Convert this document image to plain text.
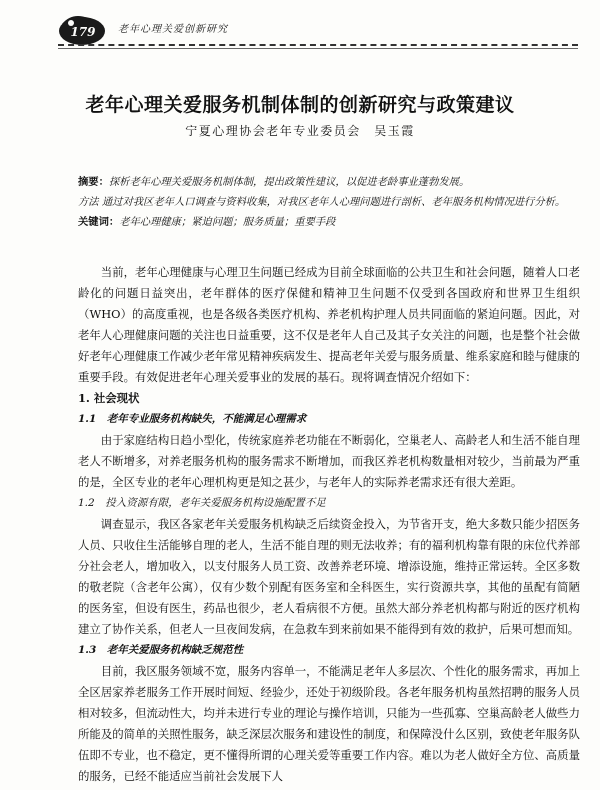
179 老年心理关爱创新研究
老年心理关爱服务机制体制的创新研究与政策建议
宁夏心理协会老年专业委员会　吴玉霞

摘要：探析老年心理关爱服务机制体制，提出政策性建议，以促进老龄事业蓬勃发展。

方法 通过对我区老年人口调查与资料收集，对我区老年人心理问题进行剖析、老年服务机构情况进行分析。

关键词：老年心理健康；紧迫问题；服务质量；重要手段

当前，老年心理健康与心理卫生问题已经成为目前全球面临的公共卫生和社会问题，随着人口老龄化的问题日益突出，老年群体的医疗保健和精神卫生问题不仅受到各国政府和世界卫生组织（WHO）的高度重视，也是各级各类医疗机构、养老机构护理人员共同面临的紧迫问题。因此，对老年人心理健康问题的关注也日益重要，这不仅是老年人自己及其子女关注的问题，也是整个社会做好老年心理健康工作减少老年常见精神疾病发生、提高老年关爱与服务质量、维系家庭和睦与健康的重要手段。有效促进老年心理关爱事业的发展的基石。现将调查情况介绍如下：

1. 社会现状
1.1　老年专业服务机构缺失，不能满足心理需求

由于家庭结构日趋小型化，传统家庭养老功能在不断弱化，空巢老人、高龄老人和生活不能自理老人不断增多，对养老服务机构的服务需求不断增加，而我区养老机构数量相对较少，当前最为严重的是，全区专业的老年心理机构更是知之甚少，与老年人的实际养老需求还有很大差距。

1.2　投入资源有限，老年关爱服务机构设施配置不足

调查显示，我区各家老年关爱服务机构缺乏后续资金投入，为节省开支，绝大多数只能少招医务人员、只收住生活能够自理的老人，生活不能自理的则无法收养；有的福利机构靠有限的床位代养部分社会老人，增加收入，以支付服务人员工资、改善养老环境、增添设施，维持正常运转。全区多数的敬老院（含老年公寓），仅有少数个别配有医务室和全科医生，实行资源共享，其他的虽配有简陋的医务室，但设有医生，药品也很少，老人看病很不方便。虽然大部分养老机构都与附近的医疗机构建立了协作关系，但老人一旦夜间发病，在急救车到来前如果不能得到有效的救护，后果可想而知。

1.3　老年关爱服务机构缺乏规范性

目前，我区服务领域不宽，服务内容单一，不能满足老年人多层次、个性化的服务需求，再加上全区居家养老服务工作开展时间短、经验少，还处于初级阶段。各老年服务机构虽然招聘的服务人员相对较多，但流动性大，均并未进行专业的理论与操作培训，只能为一些孤寡、空巢高龄老人做些力所能及的简单的关照性服务，缺乏深层次服务和建设性的制度，和保障没什么区别，致使老年服务队伍即不专业，也不稳定，更不懂得所谓的心理关爱等重要工作内容。难以为老人做好全方位、高质量的服务，已经不能适应当前社会发展下人
